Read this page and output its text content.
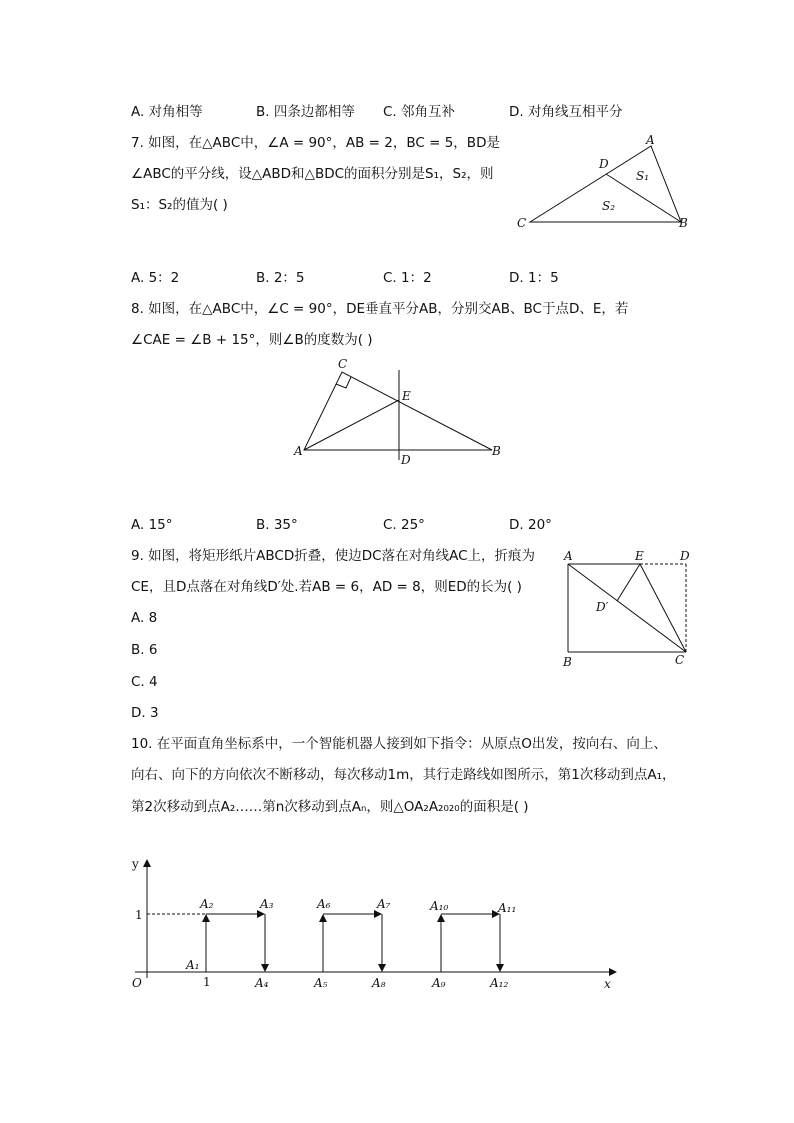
A. 对角相等	B. 四条边都相等 C. 邻角互补	D. 对角线互相平分
7. 如图，在△ABC中，∠A = 90°，AB = 2，BC = 5，BD是
∠ABC的平分线，设△ABD和△BDC的面积分别是S₁，S₂，则
S₁：S₂的值为( )
A
B
C
D
S₁
S₂
A. 5：2	B. 2：5	C. 1：2	D. 1：5
8. 如图，在△ABC中，∠C = 90°，DE垂直平分AB，分别交AB、BC于点D、E，若
∠CAE = ∠B + 15°，则∠B的度数为( )
C
E
A	B
D
A. 15°	B. 35°	C. 25°	D. 20°
9. 如图，将矩形纸片ABCD折叠，使边DC落在对角线AC上，折痕为
CE，且D点落在对角线D′处.若AB = 6，AD = 8，则ED的长为( )
A. 8
B. 6
C. 4
D. 3
A	E	D
D′
B	C
10. 在平面直角坐标系中，一个智能机器人接到如下指令：从原点O出发，按向右、向上、
向右、向下的方向依次不断移动，每次移动1m，其行走路线如图所示，第1次移动到点A₁，
第2次移动到点A₂……第n次移动到点Aₙ，则△OA₂A₂₀₂₀的面积是( )
y
1
O	1	x
A₁
A₂	A₃
A₄	A₅
A₆	A₇
A₈	A₉
A₁₀	A₁₁
A₁₂
